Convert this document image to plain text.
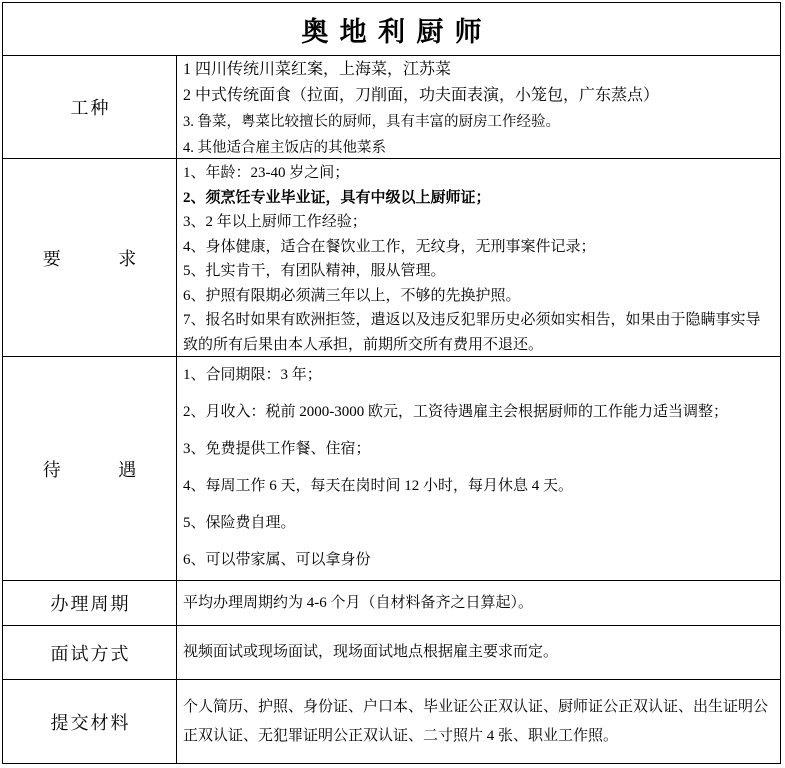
奥地利厨师
工种
1 四川传统川菜红案，上海菜，江苏菜
2 中式传统面食（拉面，刀削面，功夫面表演，小笼包，广东蒸点）
3. 鲁菜，粤菜比较擅长的厨师，具有丰富的厨房工作经验。
4. 其他适合雇主饭店的其他菜系
要求
1、年龄：23-40 岁之间；
2、须烹饪专业毕业证，具有中级以上厨师证；
3、2 年以上厨师工作经验；
4、身体健康，适合在餐饮业工作，无纹身，无刑事案件记录；
5、扎实肯干，有团队精神，服从管理。
6、护照有限期必须满三年以上，不够的先换护照。
7、报名时如果有欧洲拒签，遣返以及违反犯罪历史必须如实相告，如果由于隐瞒事实导致的所有后果由本人承担，前期所交所有费用不退还。
待遇
1、合同期限：3 年；
2、月收入：税前 2000-3000 欧元，工资待遇雇主会根据厨师的工作能力适当调整；
3、免费提供工作餐、住宿；
4、每周工作 6 天，每天在岗时间 12 小时，每月休息 4 天。
5、保险费自理。
6、可以带家属、可以拿身份
办理周期	平均办理周期约为 4-6 个月（自材料备齐之日算起）。
面试方式	视频面试或现场面试，现场面试地点根据雇主要求而定。
提交材料
个人简历、护照、身份证、户口本、毕业证公正双认证、厨师证公正双认证、出生证明公正双认证、无犯罪证明公正双认证、二寸照片 4 张、职业工作照。
